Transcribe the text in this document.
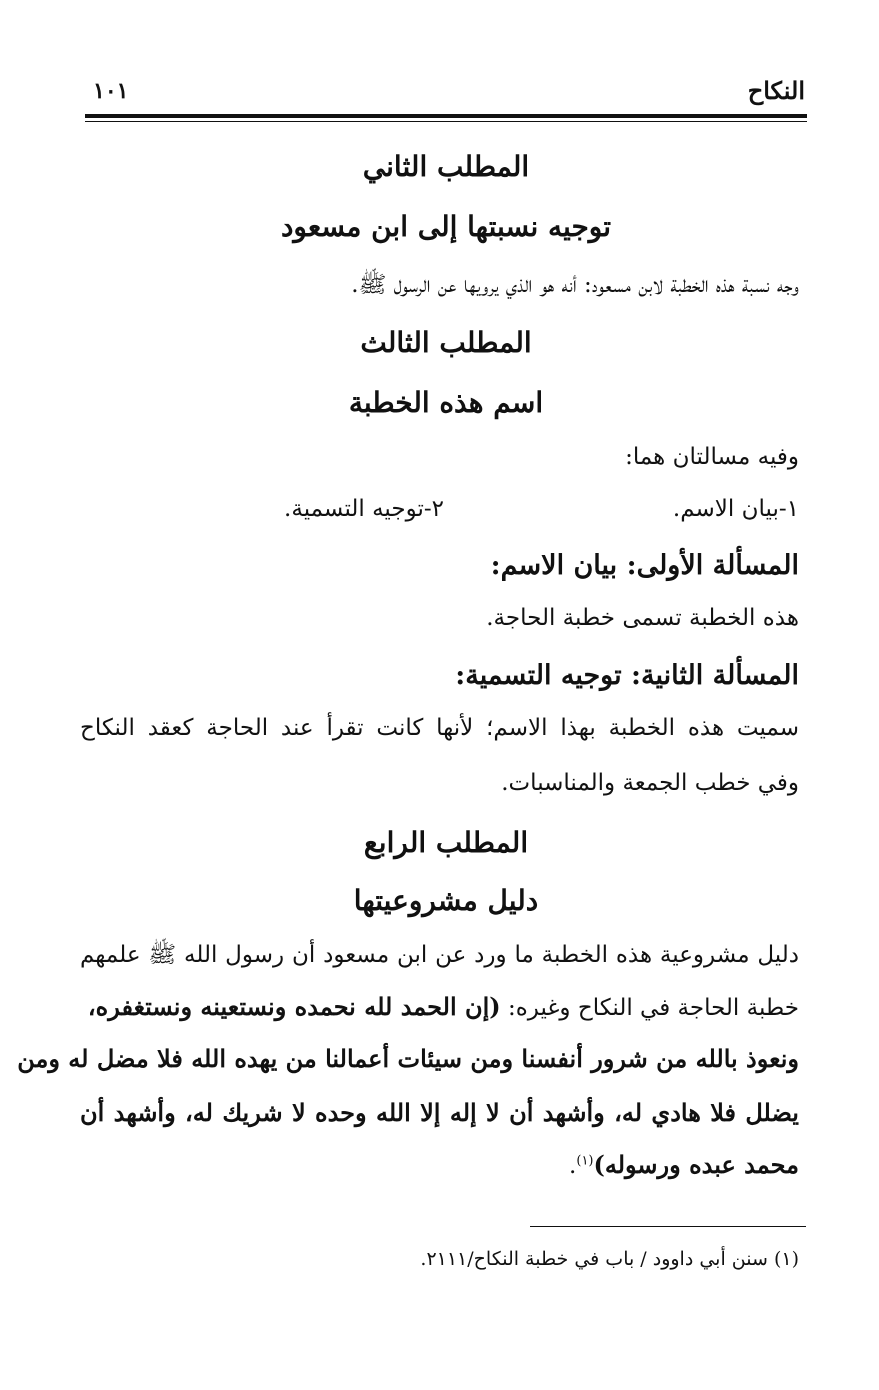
النكاح
١٠١
المطلب الثاني
توجيه نسبتها إلى ابن مسعود
وجه نسبة هذه الخطبة لابن مسعود: أنه هو الذي يرويها عن الرسول ﷺ.
المطلب الثالث
اسم هذه الخطبة
وفيه مسالتان هما:
١-بيان الاسم.
٢-توجيه التسمية.
المسألة الأولى: بيان الاسم:
هذه الخطبة تسمى خطبة الحاجة.
المسألة الثانية: توجيه التسمية:
سميت هذه الخطبة بهذا الاسم؛ لأنها كانت تقرأ عند الحاجة كعقد النكاح
وفي خطب الجمعة والمناسبات.
المطلب الرابع
دليل مشروعيتها
دليل مشروعية هذه الخطبة ما ورد عن ابن مسعود أن رسول الله ﷺ علمهم
خطبة الحاجة في النكاح وغيره: (إن الحمد لله نحمده ونستعينه ونستغفره،
ونعوذ بالله من شرور أنفسنا ومن سيئات أعمالنا من يهده الله فلا مضل له ومن
يضلل فلا هادي له، وأشهد أن لا إله إلا الله وحده لا شريك له، وأشهد أن
محمد عبده ورسوله)$^{(١)}$.
(١) سنن أبي داوود / باب في خطبة النكاح/٢١١١.
